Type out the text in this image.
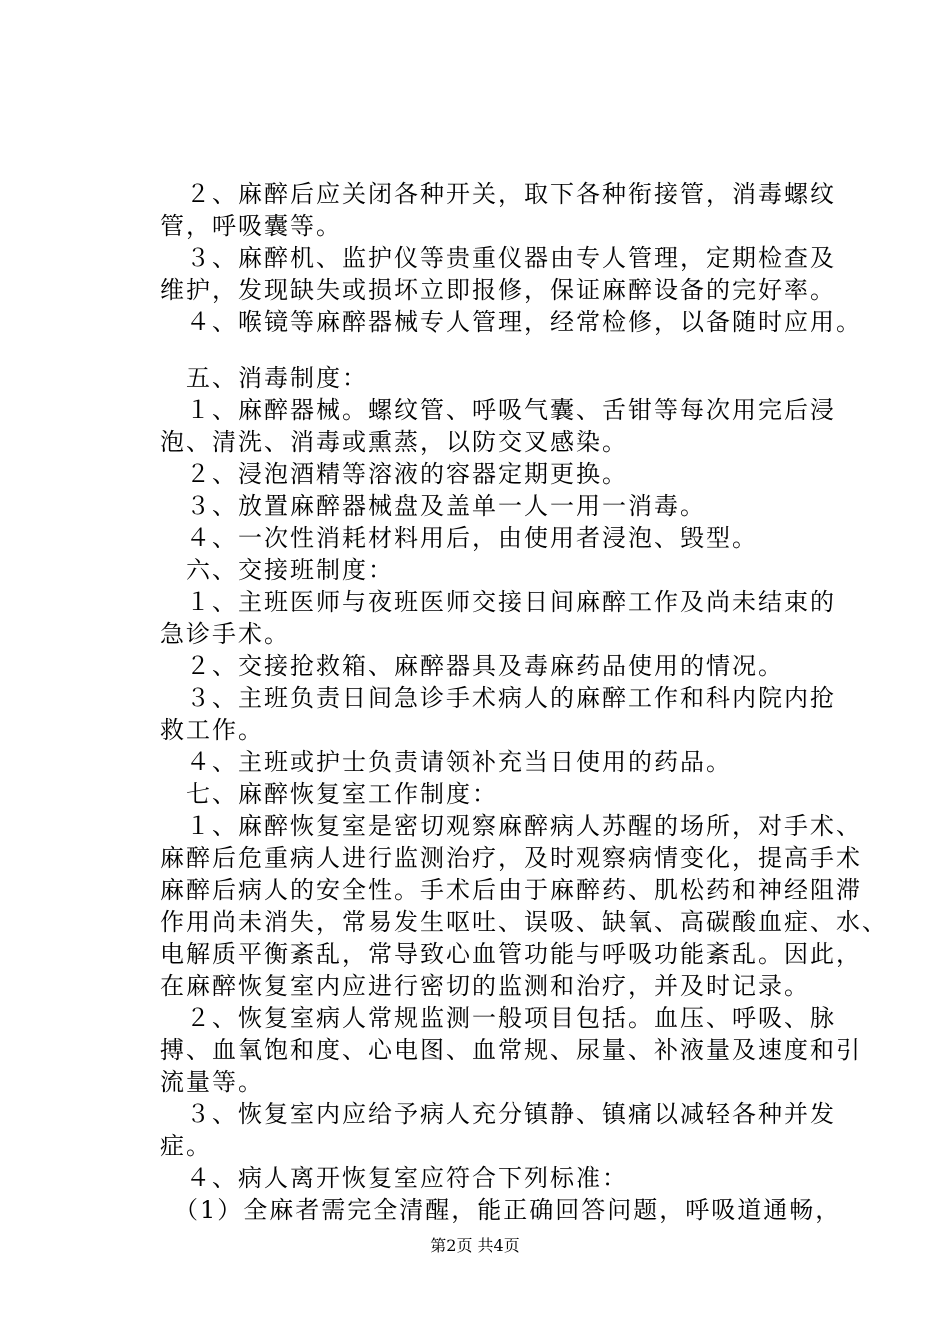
　２、麻醉后应关闭各种开关，取下各种衔接管，消毒螺纹
管，呼吸囊等。
　３、麻醉机、监护仪等贵重仪器由专人管理，定期检查及
维护，发现缺失或损坏立即报修，保证麻醉设备的完好率。
　４、喉镜等麻醉器械专人管理，经常检修，以备随时应用。
　五、消毒制度：
　１、麻醉器械。螺纹管、呼吸气囊、舌钳等每次用完后浸
泡、清洗、消毒或熏蒸，以防交叉感染。
　２、浸泡酒精等溶液的容器定期更换。
　３、放置麻醉器械盘及盖单一人一用一消毒。
　４、一次性消耗材料用后，由使用者浸泡、毁型。
　六、交接班制度：
　１、主班医师与夜班医师交接日间麻醉工作及尚未结束的
急诊手术。
　２、交接抢救箱、麻醉器具及毒麻药品使用的情况。
　３、主班负责日间急诊手术病人的麻醉工作和科内院内抢
救工作。
　４、主班或护士负责请领补充当日使用的药品。
　七、麻醉恢复室工作制度：
　１、麻醉恢复室是密切观察麻醉病人苏醒的场所，对手术、
麻醉后危重病人进行监测治疗，及时观察病情变化，提高手术
麻醉后病人的安全性。手术后由于麻醉药、肌松药和神经阻滞
作用尚未消失，常易发生呕吐、误吸、缺氧、高碳酸血症、水、
电解质平衡紊乱，常导致心血管功能与呼吸功能紊乱。因此，
在麻醉恢复室内应进行密切的监测和治疗，并及时记录。
　２、恢复室病人常规监测一般项目包括。血压、呼吸、脉
搏、血氧饱和度、心电图、血常规、尿量、补液量及速度和引
流量等。
　３、恢复室内应给予病人充分镇静、镇痛以减轻各种并发
症。
　４、病人离开恢复室应符合下列标准：
　（1）全麻者需完全清醒，能正确回答问题，呼吸道通畅，
第2页 共4页
